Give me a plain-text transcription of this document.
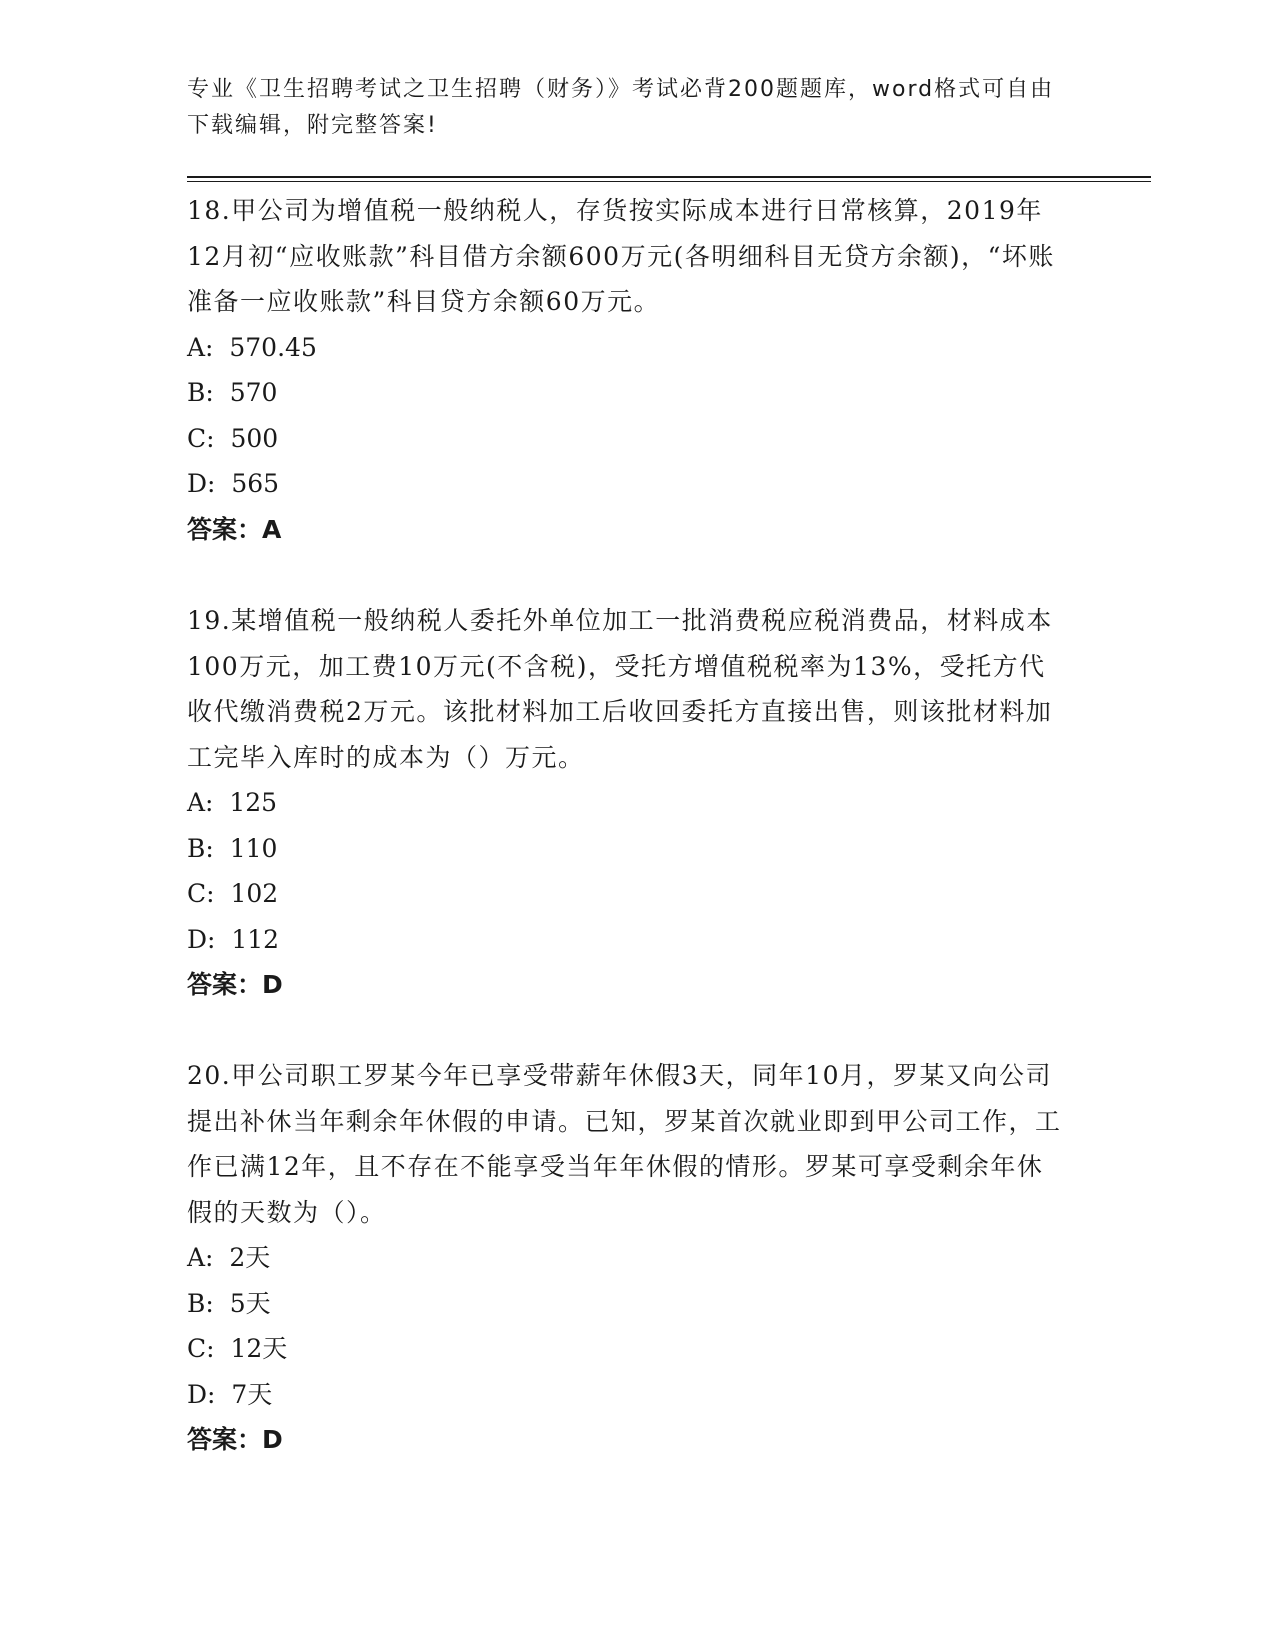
专业《卫生招聘考试之卫生招聘（财务）》考试必背200题题库，word格式可自由下载编辑，附完整答案!

18.甲公司为增值税一般纳税人，存货按实际成本进行日常核算，2019年12月初“应收账款”科目借方余额600万元(各明细科目无贷方余额)，“坏账准备一应收账款”科目贷方余额60万元。

A:  570.45

B:  570

C:  500

D:  565

答案：A

19.某增值税一般纳税人委托外单位加工一批消费税应税消费品，材料成本100万元，加工费10万元(不含税)，受托方增值税税率为13%，受托方代收代缴消费税2万元。该批材料加工后收回委托方直接出售，则该批材料加工完毕入库时的成本为（）万元。

A:  125

B:  110

C:  102

D:  112

答案：D

20.甲公司职工罗某今年已享受带薪年休假3天，同年10月，罗某又向公司提出补休当年剩余年休假的申请。已知，罗某首次就业即到甲公司工作，工作已满12年，且不存在不能享受当年年休假的情形。罗某可享受剩余年休假的天数为（）。

A:  2天

B:  5天

C:  12天

D:  7天

答案：D
